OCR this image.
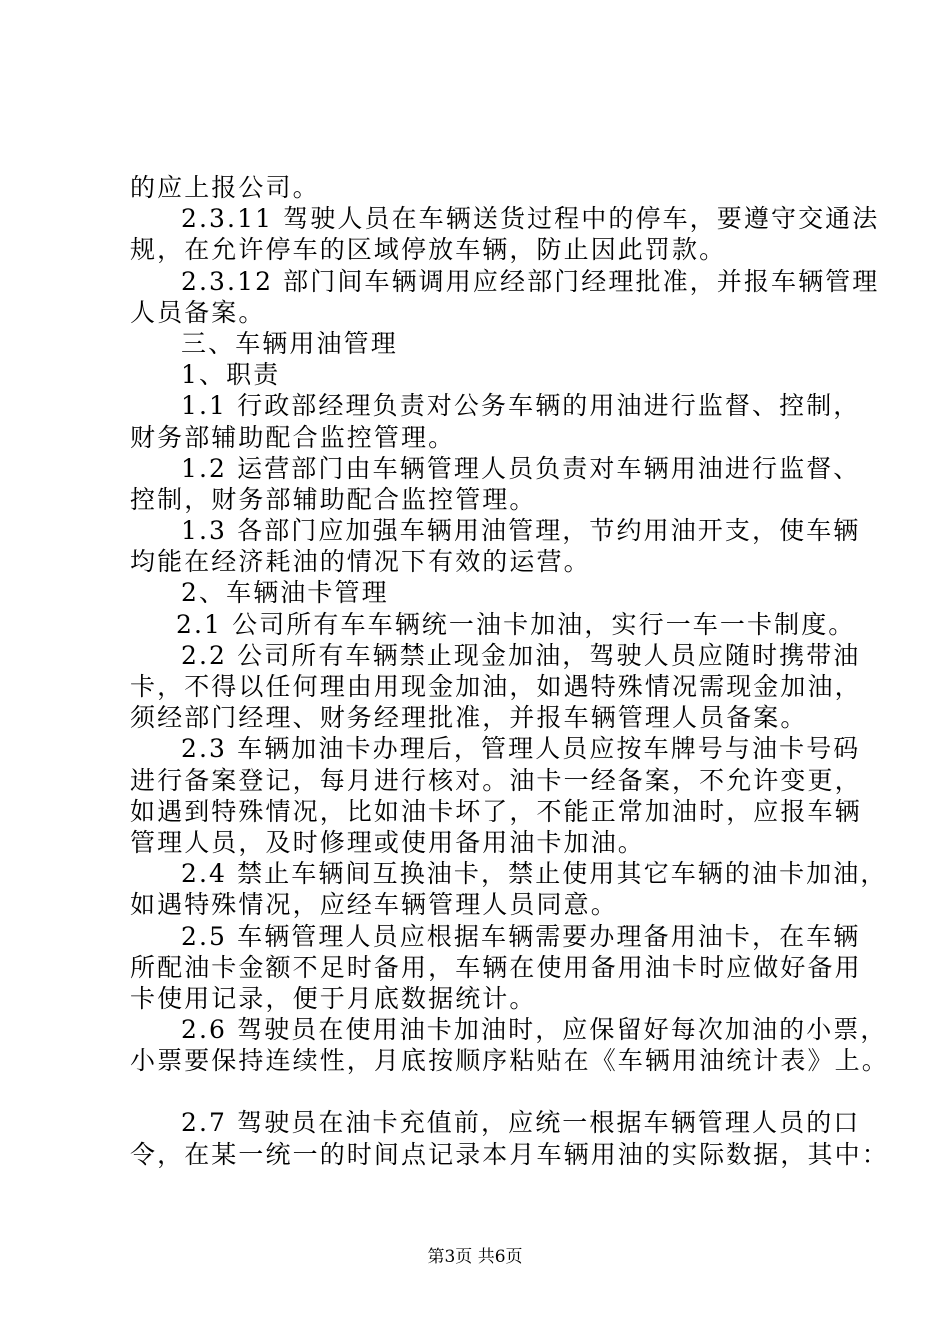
的应上报公司。
2.3.11 驾驶人员在车辆送货过程中的停车，要遵守交通法
规，在允许停车的区域停放车辆，防止因此罚款。
2.3.12 部门间车辆调用应经部门经理批准，并报车辆管理
人员备案。
三、车辆用油管理
1、职责
1.1 行政部经理负责对公务车辆的用油进行监督、控制，
财务部辅助配合监控管理。
1.2 运营部门由车辆管理人员负责对车辆用油进行监督、
控制，财务部辅助配合监控管理。
1.3 各部门应加强车辆用油管理，节约用油开支，使车辆
均能在经济耗油的情况下有效的运营。
2、车辆油卡管理
2.1 公司所有车车辆统一油卡加油，实行一车一卡制度。
2.2 公司所有车辆禁止现金加油，驾驶人员应随时携带油
卡，不得以任何理由用现金加油，如遇特殊情况需现金加油，
须经部门经理、财务经理批准，并报车辆管理人员备案。
2.3 车辆加油卡办理后，管理人员应按车牌号与油卡号码
进行备案登记，每月进行核对。油卡一经备案，不允许变更，
如遇到特殊情况，比如油卡坏了，不能正常加油时，应报车辆
管理人员，及时修理或使用备用油卡加油。
2.4 禁止车辆间互换油卡，禁止使用其它车辆的油卡加油，
如遇特殊情况，应经车辆管理人员同意。
2.5 车辆管理人员应根据车辆需要办理备用油卡，在车辆
所配油卡金额不足时备用，车辆在使用备用油卡时应做好备用
卡使用记录，便于月底数据统计。
2.6 驾驶员在使用油卡加油时，应保留好每次加油的小票，
小票要保持连续性，月底按顺序粘贴在《车辆用油统计表》上。
2.7 驾驶员在油卡充值前，应统一根据车辆管理人员的口
令，在某一统一的时间点记录本月车辆用油的实际数据，其中：
第3页 共6页
